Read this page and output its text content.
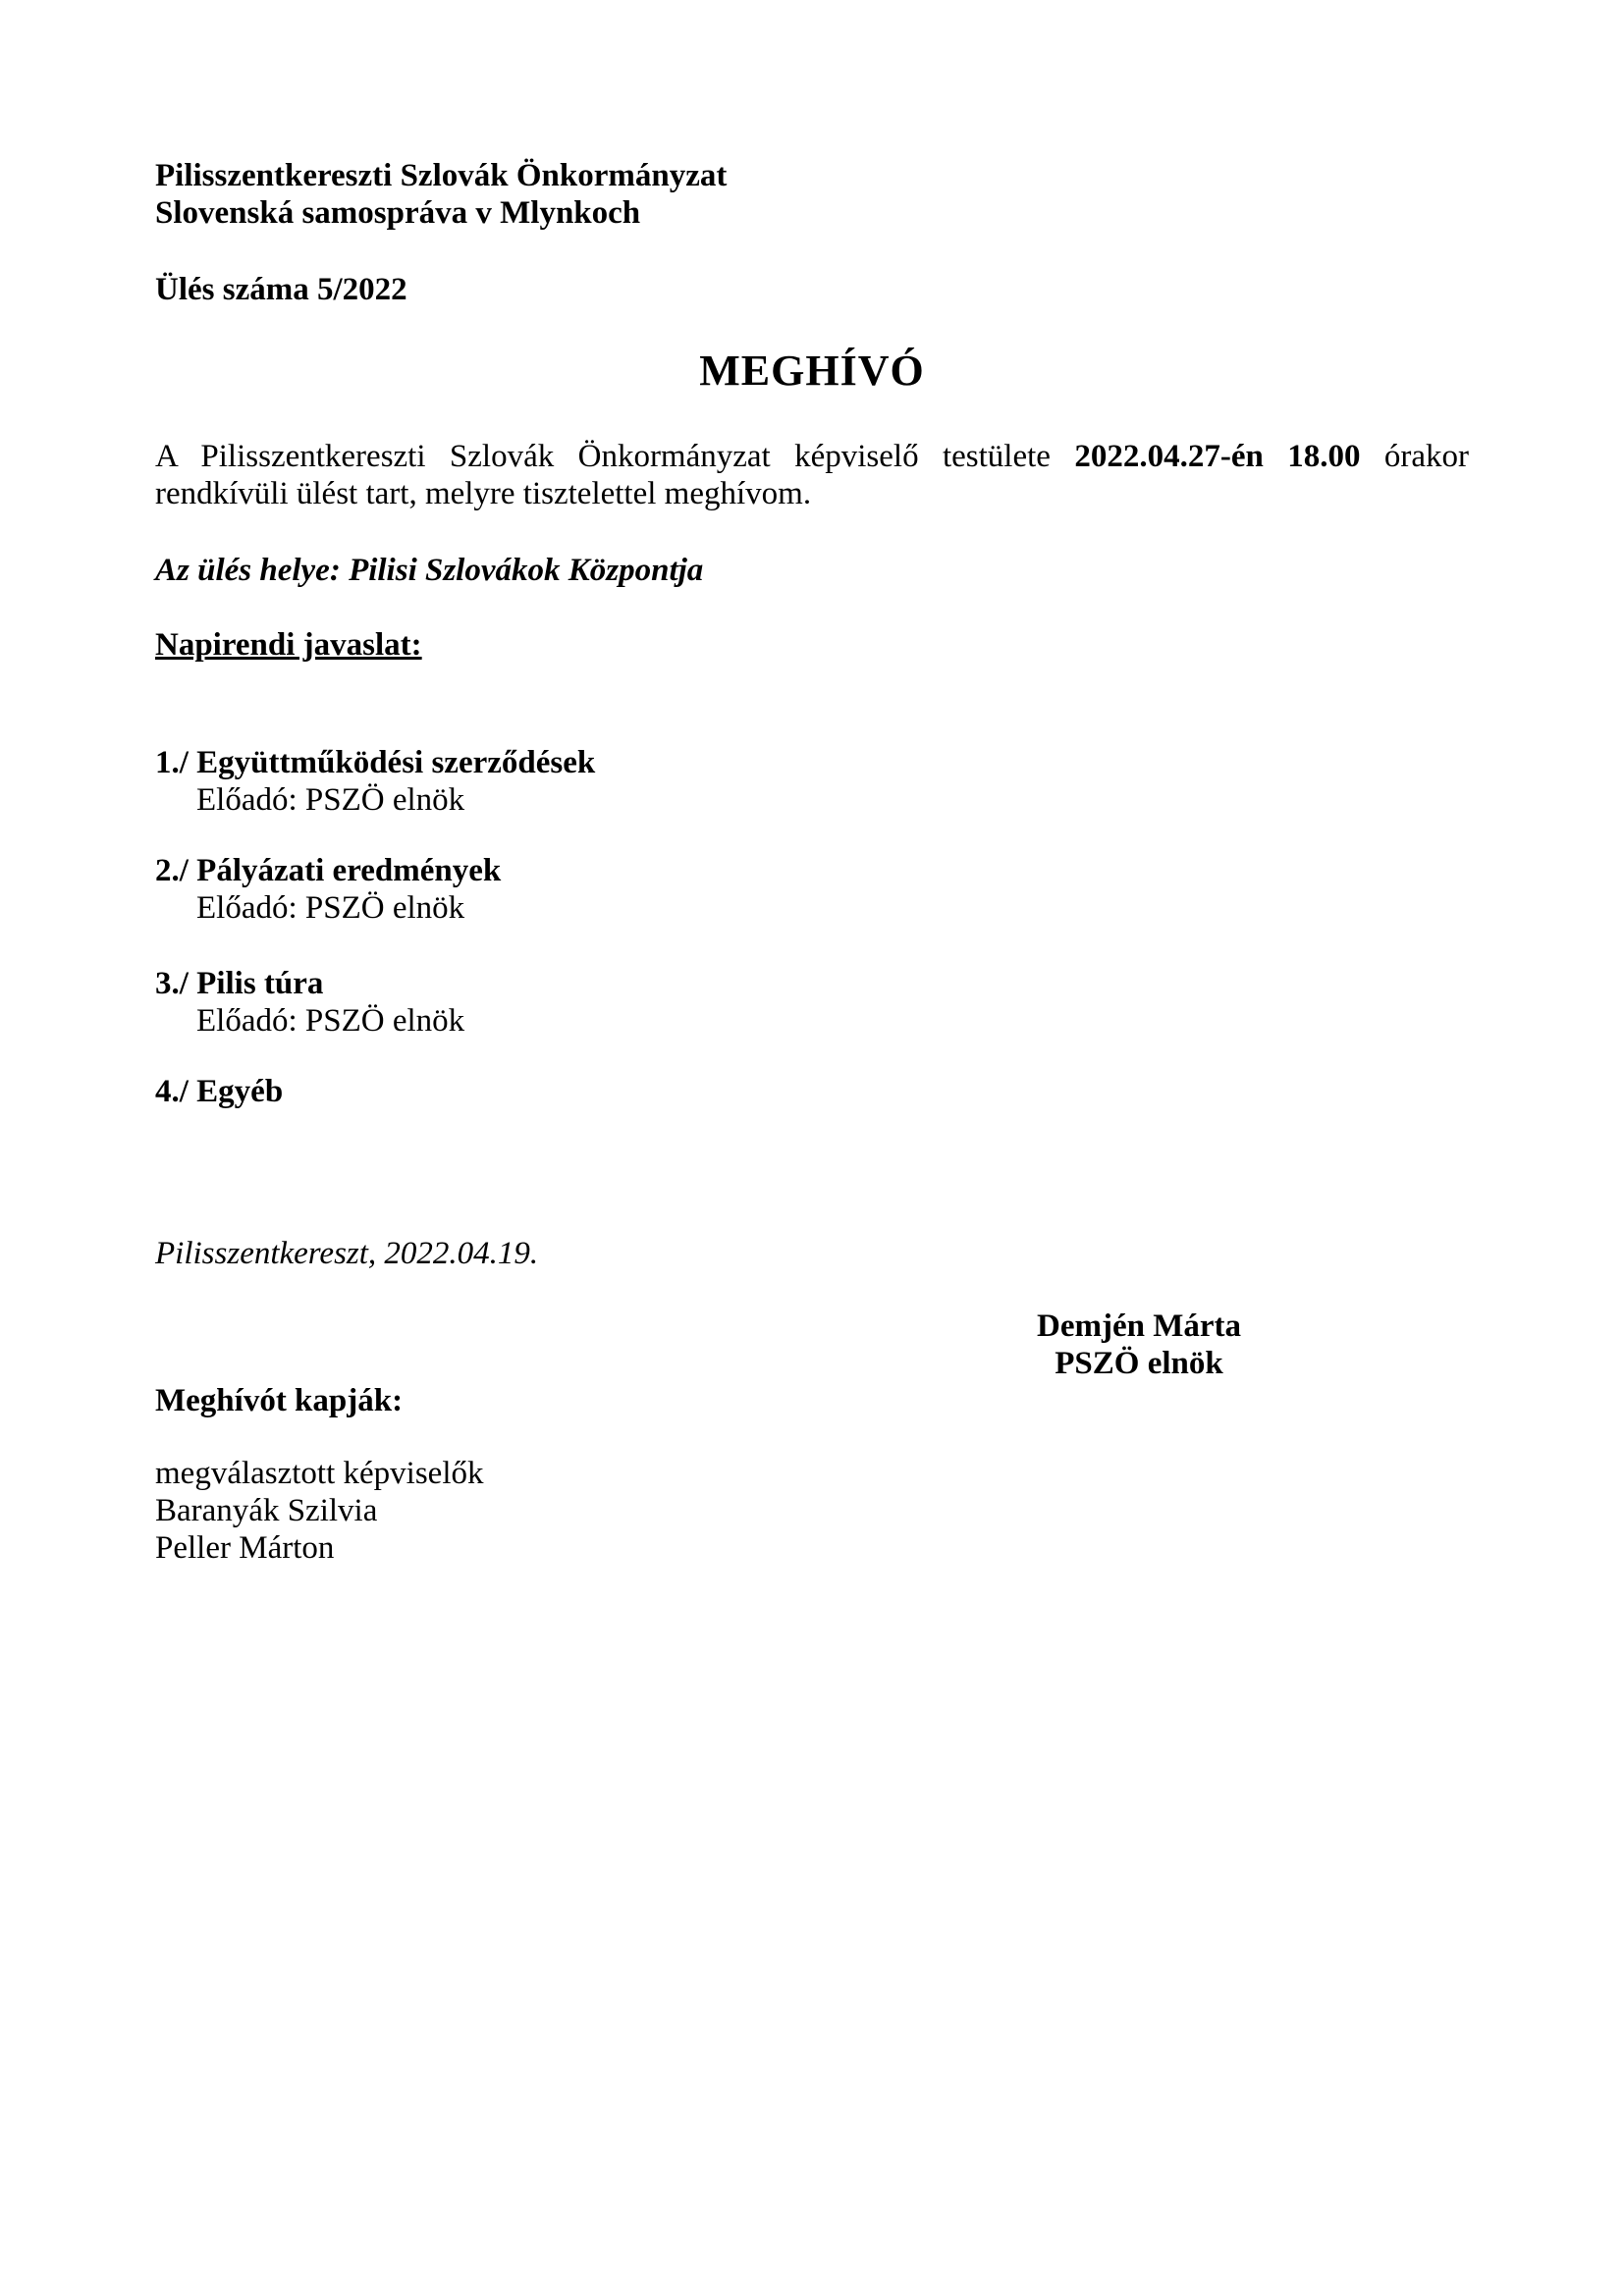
Pilisszentkereszti Szlovák Önkormányzat
Slovenská samospráva v Mlynkoch
Ülés száma 5/2022
MEGHÍVÓ

A Pilisszentkereszti Szlovák Önkormányzat képviselő testülete 2022.04.27-én 18.00 órakor rendkívüli ülést tart, melyre tisztelettel meghívom.

Az ülés helye: Pilisi Szlovákok Központja
Napirendi javaslat:
1./ Együttműködési szerződések
Előadó: PSZÖ elnök
2./ Pályázati eredmények
Előadó: PSZÖ elnök
3./ Pilis túra
Előadó: PSZÖ elnök
4./ Egyéb
Pilisszentkereszt, 2022.04.19.
Demjén Márta
PSZÖ elnök
Meghívót kapják:
megválasztott képviselők
Baranyák Szilvia
Peller Márton
